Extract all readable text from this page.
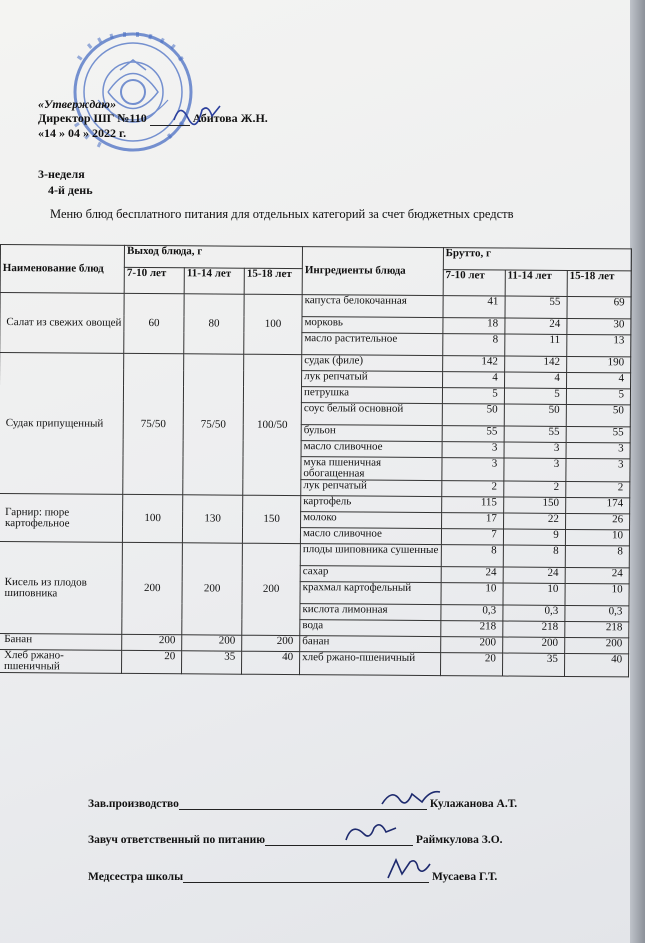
«Утверждаю»
Директор ШГ №110	Абитова Ж.Н.
«14 » 04 » 2022 г.
3-неделя
4-й день
Меню блюд бесплатного питания для отдельных категорий за счет бюджетных средств
Наименование блюд	Выход блюда, г			Ингредиенты блюда	Брутто, г		
	7-10 лет	11-14 лет	15-18 лет		7-10 лет	11-14 лет	15-18 лет
Салат из свежих овощей	60	80	100	капуста белокочанная	41	55	69
				морковь	18	24	30
				масло растительное	8	11	13
Судак припущенный	75/50	75/50	100/50	судак (филе)	142	142	190
				лук репчатый	4	4	4
				петрушка	5	5	5
				соус белый основной	50	50	50
				бульон	55	55	55
				масло сливочное	3	3	3
				мука пшеничная обогащенная	3	3	3
				лук репчатый	2	2	2
Гарнир: пюре картофельное	100	130	150	картофель	115	150	174
				молоко	17	22	26
				масло сливочное	7	9	10
Кисель из плодов шиповника	200	200	200	плоды шиповника сушенные	8	8	8
				сахар	24	24	24
				крахмал картофельный	10	10	10
				кислота лимонная	0,3	0,3	0,3
				вода	218	218	218
Банан	200	200	200	банан	200	200	200
Хлеб ржано-пшеничный	20	35	40	хлеб ржано-пшеничный	20	35	40
Зав.производство	Кулажанова А.Т.
Завуч ответственный по питанию	Раймкулова З.О.
Медсестра школы	Мусаева Г.Т.
